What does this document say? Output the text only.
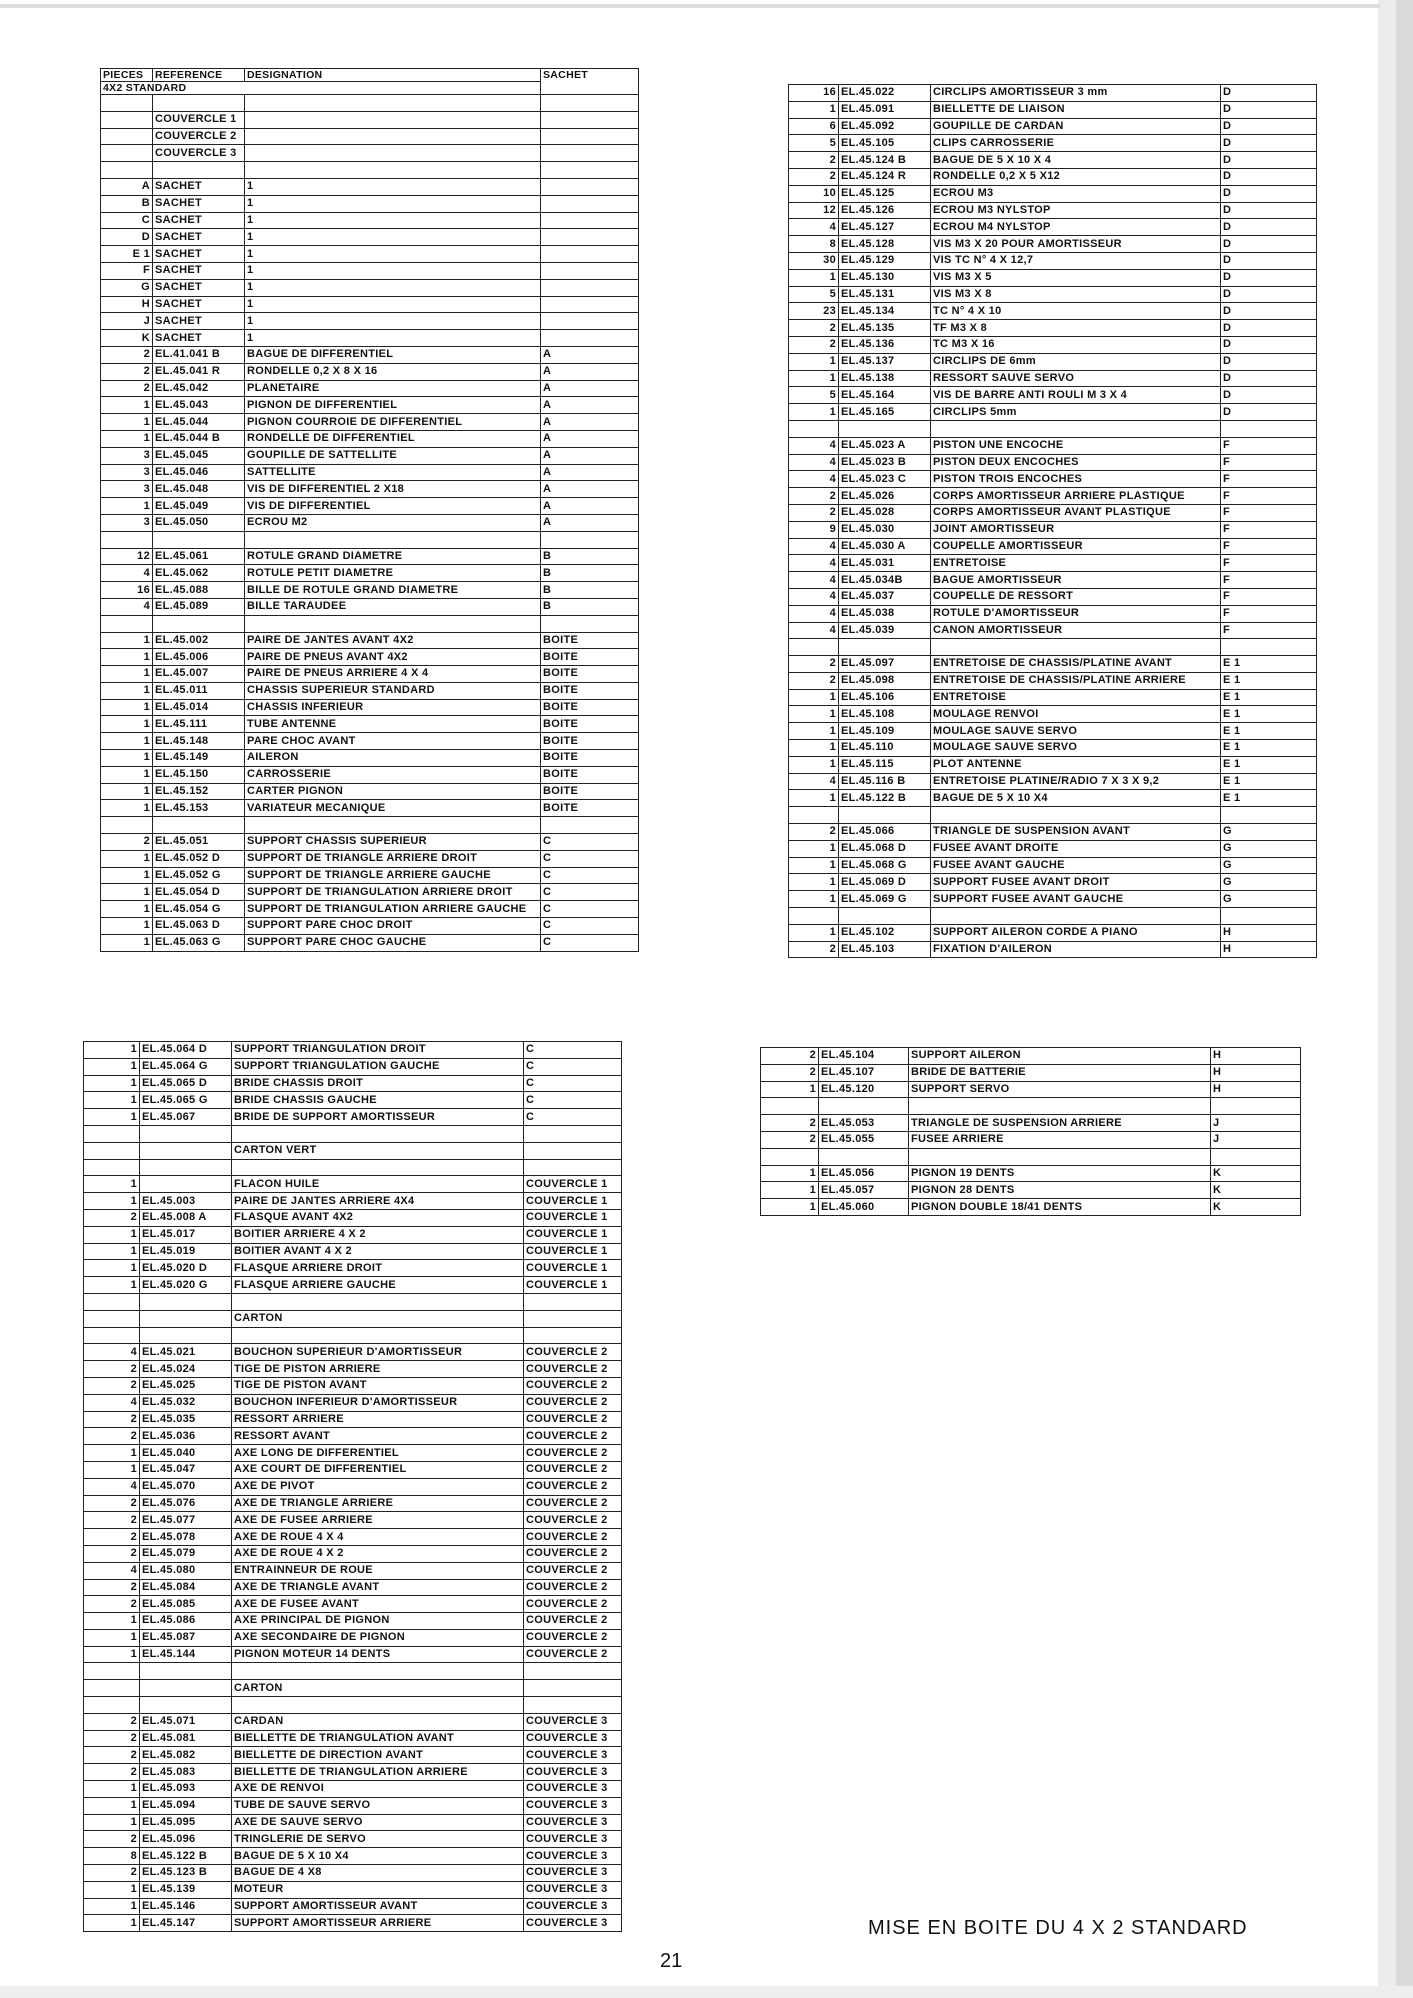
PIECES	REFERENCE	DESIGNATION	SACHET
4X2 STANDARD			

	COUVERCLE 1		
	COUVERCLE 2		
	COUVERCLE 3		

A	SACHET	1	
B	SACHET	1	
C	SACHET	1	
D	SACHET	1	
E 1	SACHET	1	
F	SACHET	1	
G	SACHET	1	
H	SACHET	1	
J	SACHET	1	
K	SACHET	1	
2	EL.41.041 B	BAGUE DE DIFFERENTIEL	A
2	EL.45.041 R	RONDELLE 0,2 X 8 X 16	A
2	EL.45.042	PLANETAIRE	A
1	EL.45.043	PIGNON DE DIFFERENTIEL	A
1	EL.45.044	PIGNON COURROIE DE DIFFERENTIEL	A
1	EL.45.044 B	RONDELLE DE DIFFERENTIEL	A
3	EL.45.045	GOUPILLE DE SATTELLITE	A
3	EL.45.046	SATTELLITE	A
3	EL.45.048	VIS DE DIFFERENTIEL 2 X18	A
1	EL.45.049	VIS DE DIFFERENTIEL	A
3	EL.45.050	ECROU M2	A

12	EL.45.061	ROTULE GRAND DIAMETRE	B
4	EL.45.062	ROTULE PETIT DIAMETRE	B
16	EL.45.088	BILLE DE ROTULE GRAND DIAMETRE	B
4	EL.45.089	BILLE TARAUDEE	B

1	EL.45.002	PAIRE DE JANTES AVANT 4X2	BOITE
1	EL.45.006	PAIRE DE PNEUS AVANT 4X2	BOITE
1	EL.45.007	PAIRE DE PNEUS ARRIERE 4 X 4	BOITE
1	EL.45.011	CHASSIS SUPERIEUR STANDARD	BOITE
1	EL.45.014	CHASSIS INFERIEUR	BOITE
1	EL.45.111	TUBE ANTENNE	BOITE
1	EL.45.148	PARE CHOC AVANT	BOITE
1	EL.45.149	AILERON	BOITE
1	EL.45.150	CARROSSERIE	BOITE
1	EL.45.152	CARTER PIGNON	BOITE
1	EL.45.153	VARIATEUR MECANIQUE	BOITE

2	EL.45.051	SUPPORT CHASSIS SUPERIEUR	C
1	EL.45.052 D	SUPPORT DE TRIANGLE ARRIERE DROIT	C
1	EL.45.052 G	SUPPORT DE TRIANGLE ARRIERE GAUCHE	C
1	EL.45.054 D	SUPPORT DE TRIANGULATION ARRIERE DROIT	C
1	EL.45.054 G	SUPPORT DE TRIANGULATION ARRIERE GAUCHE	C
1	EL.45.063 D	SUPPORT PARE CHOC DROIT	C
1	EL.45.063 G	SUPPORT PARE CHOC GAUCHE	C
16	EL.45.022	CIRCLIPS AMORTISSEUR 3 mm	D
1	EL.45.091	BIELLETTE DE LIAISON	D
6	EL.45.092	GOUPILLE DE CARDAN	D
5	EL.45.105	CLIPS CARROSSERIE	D
2	EL.45.124 B	BAGUE DE 5 X 10 X 4	D
2	EL.45.124 R	RONDELLE 0,2 X 5 X12	D
10	EL.45.125	ECROU M3	D
12	EL.45.126	ECROU M3 NYLSTOP	D
4	EL.45.127	ECROU M4 NYLSTOP	D
8	EL.45.128	VIS M3 X 20 POUR AMORTISSEUR	D
30	EL.45.129	VIS TC N° 4 X 12,7	D
1	EL.45.130	VIS M3 X 5	D
5	EL.45.131	VIS M3 X 8	D
23	EL.45.134	TC N° 4 X 10	D
2	EL.45.135	TF M3 X 8	D
2	EL.45.136	TC M3 X 16	D
1	EL.45.137	CIRCLIPS DE 6mm	D
1	EL.45.138	RESSORT SAUVE SERVO	D
5	EL.45.164	VIS DE BARRE ANTI ROULI M 3 X 4	D
1	EL.45.165	CIRCLIPS 5mm	D

4	EL.45.023 A	PISTON UNE ENCOCHE	F
4	EL.45.023 B	PISTON DEUX ENCOCHES	F
4	EL.45.023 C	PISTON TROIS ENCOCHES	F
2	EL.45.026	CORPS AMORTISSEUR ARRIERE PLASTIQUE	F
2	EL.45.028	CORPS AMORTISSEUR AVANT PLASTIQUE	F
9	EL.45.030	JOINT AMORTISSEUR	F
4	EL.45.030 A	COUPELLE AMORTISSEUR	F
4	EL.45.031	ENTRETOISE	F
4	EL.45.034B	BAGUE AMORTISSEUR	F
4	EL.45.037	COUPELLE DE RESSORT	F
4	EL.45.038	ROTULE D'AMORTISSEUR	F
4	EL.45.039	CANON AMORTISSEUR	F

2	EL.45.097	ENTRETOISE DE CHASSIS/PLATINE AVANT	E 1
2	EL.45.098	ENTRETOISE DE CHASSIS/PLATINE ARRIERE	E 1
1	EL.45.106	ENTRETOISE	E 1
1	EL.45.108	MOULAGE RENVOI	E 1
1	EL.45.109	MOULAGE SAUVE SERVO	E 1
1	EL.45.110	MOULAGE SAUVE SERVO	E 1
1	EL.45.115	PLOT ANTENNE	E 1
4	EL.45.116 B	ENTRETOISE PLATINE/RADIO 7 X 3 X 9,2	E 1
1	EL.45.122 B	BAGUE DE 5 X 10 X4	E 1

2	EL.45.066	TRIANGLE DE SUSPENSION AVANT	G
1	EL.45.068 D	FUSEE AVANT DROITE	G
1	EL.45.068 G	FUSEE AVANT GAUCHE	G
1	EL.45.069 D	SUPPORT FUSEE AVANT DROIT	G
1	EL.45.069 G	SUPPORT FUSEE AVANT GAUCHE	G

1	EL.45.102	SUPPORT AILERON CORDE A PIANO	H
2	EL.45.103	FIXATION D'AILERON	H
1	EL.45.064 D	SUPPORT TRIANGULATION DROIT	C
1	EL.45.064 G	SUPPORT TRIANGULATION GAUCHE	C
1	EL.45.065 D	BRIDE CHASSIS DROIT	C
1	EL.45.065 G	BRIDE CHASSIS GAUCHE	C
1	EL.45.067	BRIDE DE SUPPORT AMORTISSEUR	C

		CARTON VERT	

1		FLACON HUILE	COUVERCLE 1
1	EL.45.003	PAIRE DE JANTES ARRIERE 4X4	COUVERCLE 1
2	EL.45.008 A	FLASQUE AVANT 4X2	COUVERCLE 1
1	EL.45.017	BOITIER ARRIERE 4 X 2	COUVERCLE 1
1	EL.45.019	BOITIER AVANT 4 X 2	COUVERCLE 1
1	EL.45.020 D	FLASQUE ARRIERE DROIT	COUVERCLE 1
1	EL.45.020 G	FLASQUE ARRIERE GAUCHE	COUVERCLE 1

		CARTON	

4	EL.45.021	BOUCHON SUPERIEUR D'AMORTISSEUR	COUVERCLE 2
2	EL.45.024	TIGE DE PISTON ARRIERE	COUVERCLE 2
2	EL.45.025	TIGE DE PISTON AVANT	COUVERCLE 2
4	EL.45.032	BOUCHON INFERIEUR D'AMORTISSEUR	COUVERCLE 2
2	EL.45.035	RESSORT ARRIERE	COUVERCLE 2
2	EL.45.036	RESSORT AVANT	COUVERCLE 2
1	EL.45.040	AXE LONG DE DIFFERENTIEL	COUVERCLE 2
1	EL.45.047	AXE COURT DE DIFFERENTIEL	COUVERCLE 2
4	EL.45.070	AXE DE PIVOT	COUVERCLE 2
2	EL.45.076	AXE DE TRIANGLE ARRIERE	COUVERCLE 2
2	EL.45.077	AXE DE FUSEE ARRIERE	COUVERCLE 2
2	EL.45.078	AXE DE ROUE 4 X 4	COUVERCLE 2
2	EL.45.079	AXE DE ROUE 4 X 2	COUVERCLE 2
4	EL.45.080	ENTRAINNEUR DE ROUE	COUVERCLE 2
2	EL.45.084	AXE DE TRIANGLE AVANT	COUVERCLE 2
2	EL.45.085	AXE DE FUSEE AVANT	COUVERCLE 2
1	EL.45.086	AXE PRINCIPAL DE PIGNON	COUVERCLE 2
1	EL.45.087	AXE SECONDAIRE DE PIGNON	COUVERCLE 2
1	EL.45.144	PIGNON MOTEUR 14 DENTS	COUVERCLE 2

		CARTON	

2	EL.45.071	CARDAN	COUVERCLE 3
2	EL.45.081	BIELLETTE DE TRIANGULATION AVANT	COUVERCLE 3
2	EL.45.082	BIELLETTE DE DIRECTION AVANT	COUVERCLE 3
2	EL.45.083	BIELLETTE DE TRIANGULATION ARRIERE	COUVERCLE 3
1	EL.45.093	AXE DE RENVOI	COUVERCLE 3
1	EL.45.094	TUBE DE SAUVE SERVO	COUVERCLE 3
1	EL.45.095	AXE DE SAUVE SERVO	COUVERCLE 3
2	EL.45.096	TRINGLERIE DE SERVO	COUVERCLE 3
8	EL.45.122 B	BAGUE DE 5 X 10 X4	COUVERCLE 3
2	EL.45.123 B	BAGUE DE 4 X8	COUVERCLE 3
1	EL.45.139	MOTEUR	COUVERCLE 3
1	EL.45.146	SUPPORT AMORTISSEUR AVANT	COUVERCLE 3
1	EL.45.147	SUPPORT AMORTISSEUR ARRIERE	COUVERCLE 3
2	EL.45.104	SUPPORT AILERON	H
2	EL.45.107	BRIDE DE BATTERIE	H
1	EL.45.120	SUPPORT SERVO	H

2	EL.45.053	TRIANGLE DE SUSPENSION ARRIERE	J
2	EL.45.055	FUSEE ARRIERE	J

1	EL.45.056	PIGNON 19 DENTS	K
1	EL.45.057	PIGNON 28 DENTS	K
1	EL.45.060	PIGNON DOUBLE 18/41 DENTS	K
MISE EN BOITE DU 4 X 2 STANDARD
21
